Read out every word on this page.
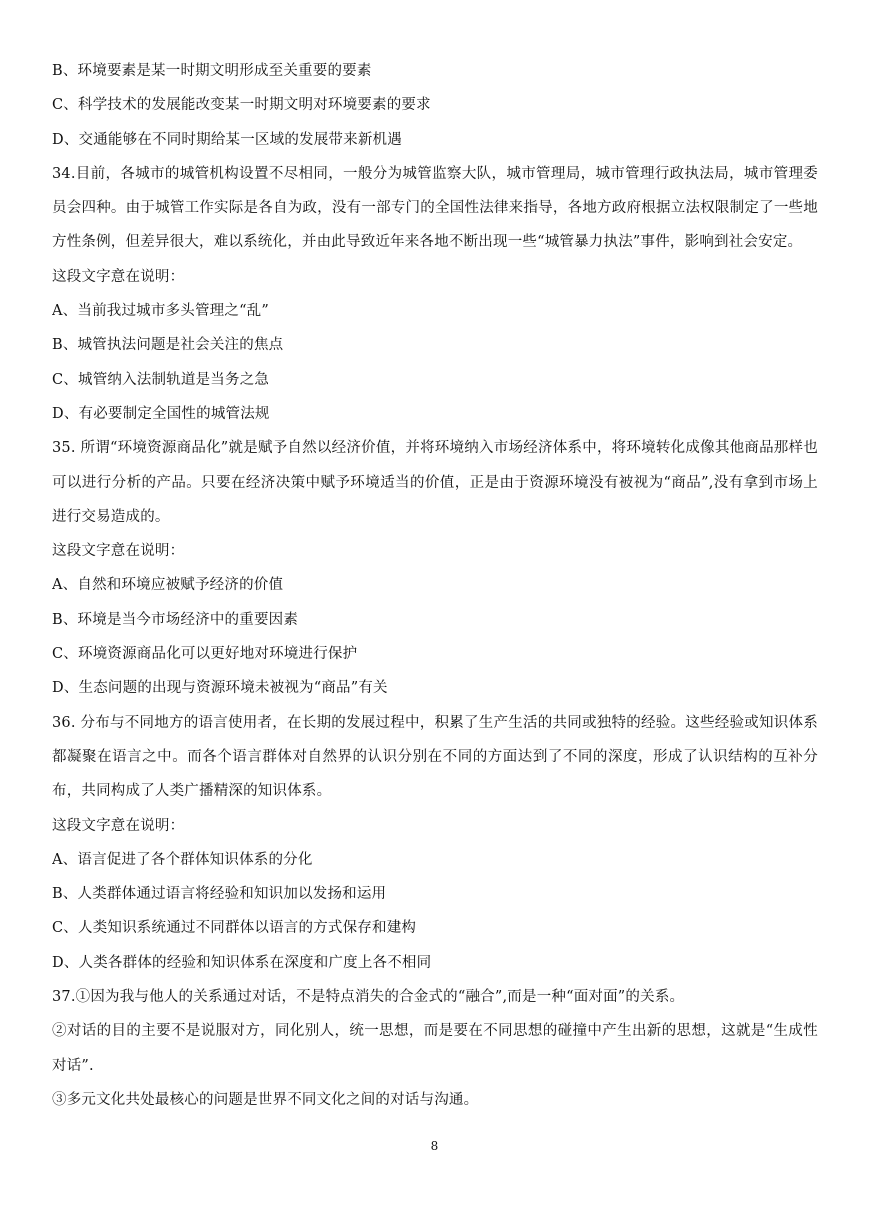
B、环境要素是某一时期文明形成至关重要的要素
C、科学技术的发展能改变某一时期文明对环境要素的要求
D、交通能够在不同时期给某一区域的发展带来新机遇
34.目前，各城市的城管机构设置不尽相同，一般分为城管监察大队，城市管理局，城市管理行政执法局，城市管理委员会四种。由于城管工作实际是各自为政，没有一部专门的全国性法律来指导，各地方政府根据立法权限制定了一些地方性条例，但差异很大，难以系统化，并由此导致近年来各地不断出现一些“城管暴力执法”事件，影响到社会安定。
这段文字意在说明：
A、当前我过城市多头管理之“乱”
B、城管执法问题是社会关注的焦点
C、城管纳入法制轨道是当务之急
D、有必要制定全国性的城管法规
35. 所谓“环境资源商品化”就是赋予自然以经济价值，并将环境纳入市场经济体系中，将环境转化成像其他商品那样也可以进行分析的产品。只要在经济决策中赋予环境适当的价值，正是由于资源环境没有被视为“商品”,没有拿到市场上进行交易造成的。
这段文字意在说明：
A、自然和环境应被赋予经济的价值
B、环境是当今市场经济中的重要因素
C、环境资源商品化可以更好地对环境进行保护
D、生态问题的出现与资源环境未被视为“商品”有关
36. 分布与不同地方的语言使用者，在长期的发展过程中，积累了生产生活的共同或独特的经验。这些经验或知识体系都凝聚在语言之中。而各个语言群体对自然界的认识分别在不同的方面达到了不同的深度，形成了认识结构的互补分布，共同构成了人类广播精深的知识体系。
这段文字意在说明：
A、语言促进了各个群体知识体系的分化
B、人类群体通过语言将经验和知识加以发扬和运用
C、人类知识系统通过不同群体以语言的方式保存和建构
D、人类各群体的经验和知识体系在深度和广度上各不相同
37.①因为我与他人的关系通过对话，不是特点消失的合金式的“融合”,而是一种“面对面”的关系。
②对话的目的主要不是说服对方，同化别人，统一思想，而是要在不同思想的碰撞中产生出新的思想，这就是“生成性对话”.
③多元文化共处最核心的问题是世界不同文化之间的对话与沟通。
8
